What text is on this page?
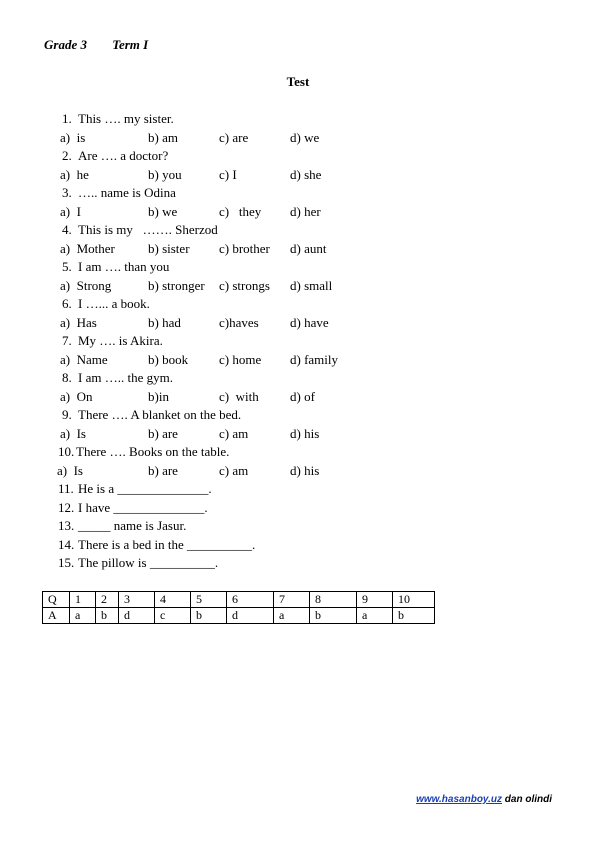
Grade 3 Term I
Test
1. This …. my sister.
a)  is	b) am	c) are	d) we
2. Are …. a doctor?
a)  he	b) you	c) I	d) she
3. ….. name is Odina
a)  I	b) we	c)   they d) her
4. This is my   ……. Sherzod
a)  Mother	b) sister c) brother d) aunt
5. I am …. than you
a)  Strong	b) stronger c) strongs d) small
6. I …... a book.
a)  Has	b) had	c)haves d) have
7. My …. is Akira.
a)  Name	b) book c) home d) family
8. I am ….. the gym.
a)  On	b)in	c)  with d) of
9. There …. A blanket on the bed.
a)  Is	b) are	c) am	d) his
10. There …. Books on the table.
a)  Is	b) are	c) am	d) his
11. He is a ______________.
12. I have ______________.
13. _____ name is Jasur.
14. There is a bed in the __________.
15. The pillow is __________.
Q	1	2	3	4	5	6	7	8	9	10
A	a	b	d	c	b	d	a	b	a	b
www.hasanboy.uz dan olindi
